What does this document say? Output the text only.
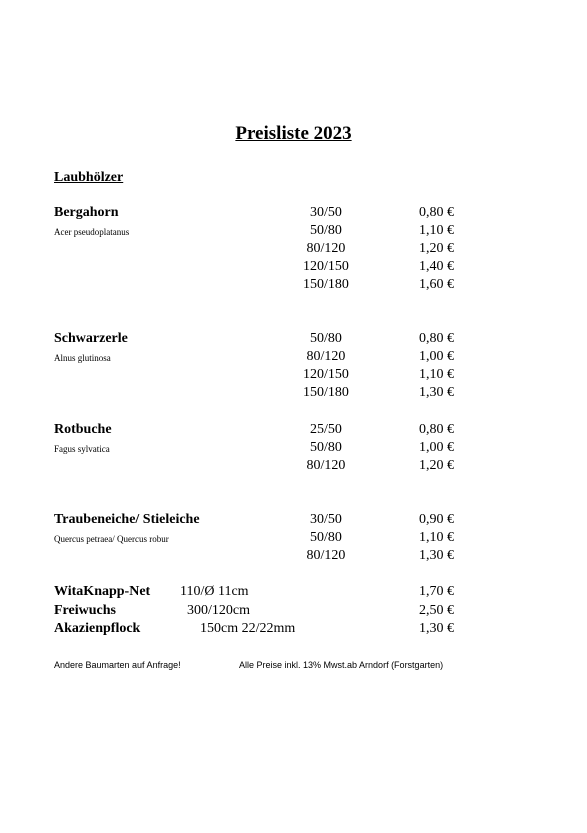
Preisliste 2023
Laubhölzer
Bergahorn
Acer pseudoplatanus
30/50	0,80 €
50/80	1,10 €
80/120	1,20 €
120/150	1,40 €
150/180	1,60 €
Schwarzerle
Alnus glutinosa
50/80	0,80 €
80/120	1,00 €
120/150	1,10 €
150/180	1,30 €
Rotbuche
Fagus sylvatica
25/50	0,80 €
50/80	1,00 €
80/120	1,20 €
Traubeneiche/ Stieleiche
Quercus petraea/ Quercus robur
30/50	0,90 €
50/80	1,10 €
80/120	1,30 €
WitaKnapp-Net 110/Ø 11cm	1,70 €
Freiwuchs	300/120cm	2,50 €
Akazienpflock	150cm 22/22mm	1,30 €
Andere Baumarten auf Anfrage!	Alle Preise inkl. 13% Mwst.ab Arndorf (Forstgarten)
